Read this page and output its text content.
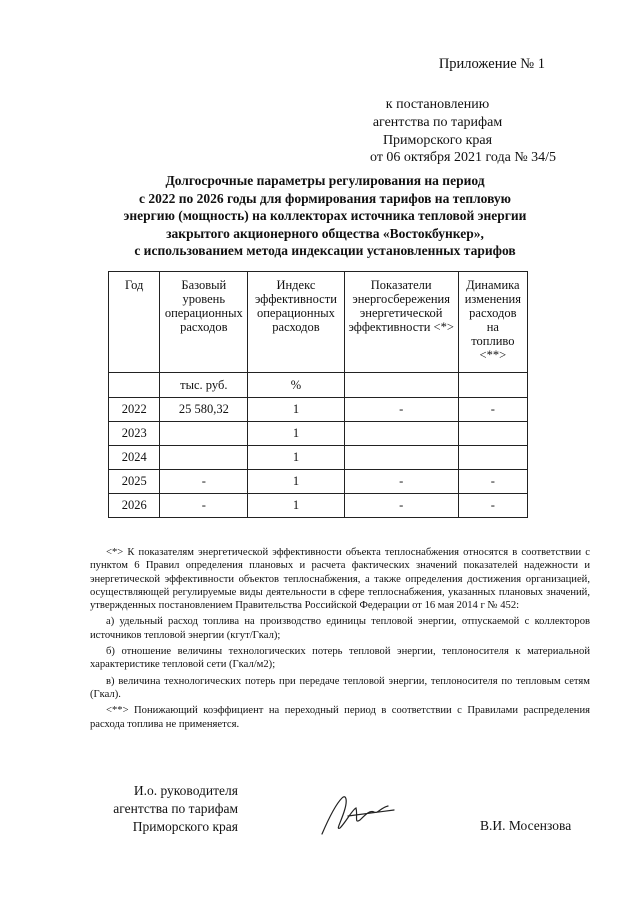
Приложение № 1
к постановлению
агентства по тарифам
Приморского края
от 06 октября 2021 года № 34/5
Долгосрочные параметры регулирования на период
с 2022 по 2026 годы для формирования тарифов на тепловую
энергию (мощность) на коллекторах источника тепловой энергии
закрытого акционерного общества «Востокбункер»,
с использованием метода индексации установленных тарифов
Год	Базовый уровень операционных расходов	Индекс эффективности операционных расходов	Показатели энергосбережения энергетической эффективности <*>	Динамика изменения расходов на топливо <**>
	тыс. руб.	%		
2022	25 580,32	1	-	-
2023		1		
2024		1		
2025	-	1	-	-
2026	-	1	-	-

<*> К показателям энергетической эффективности объекта теплоснабжения относятся в соответствии с пунктом 6 Правил определения плановых и расчета фактических значений показателей надежности и энергетической эффективности объектов теплоснабжения, а также определения достижения организацией, осуществляющей регулируемые виды деятельности в сфере теплоснабжения, указанных плановых значений, утвержденных постановлением Правительства Российской Федерации от 16 мая 2014 г № 452:

а) удельный расход топлива на производство единицы тепловой энергии, отпускаемой с коллекторов источников тепловой энергии (кгут/Гкал);

б) отношение величины технологических потерь тепловой энергии, теплоносителя к материальной характеристике тепловой сети (Гкал/м2);

в) величина технологических потерь при передаче тепловой энергии, теплоносителя по тепловым сетям (Гкал).

<**> Понижающий коэффициент на переходный период в соответствии с Правилами распределения расхода топлива не применяется.

И.о. руководителя
агентства по тарифам
Приморского края	В.И. Мосензова
